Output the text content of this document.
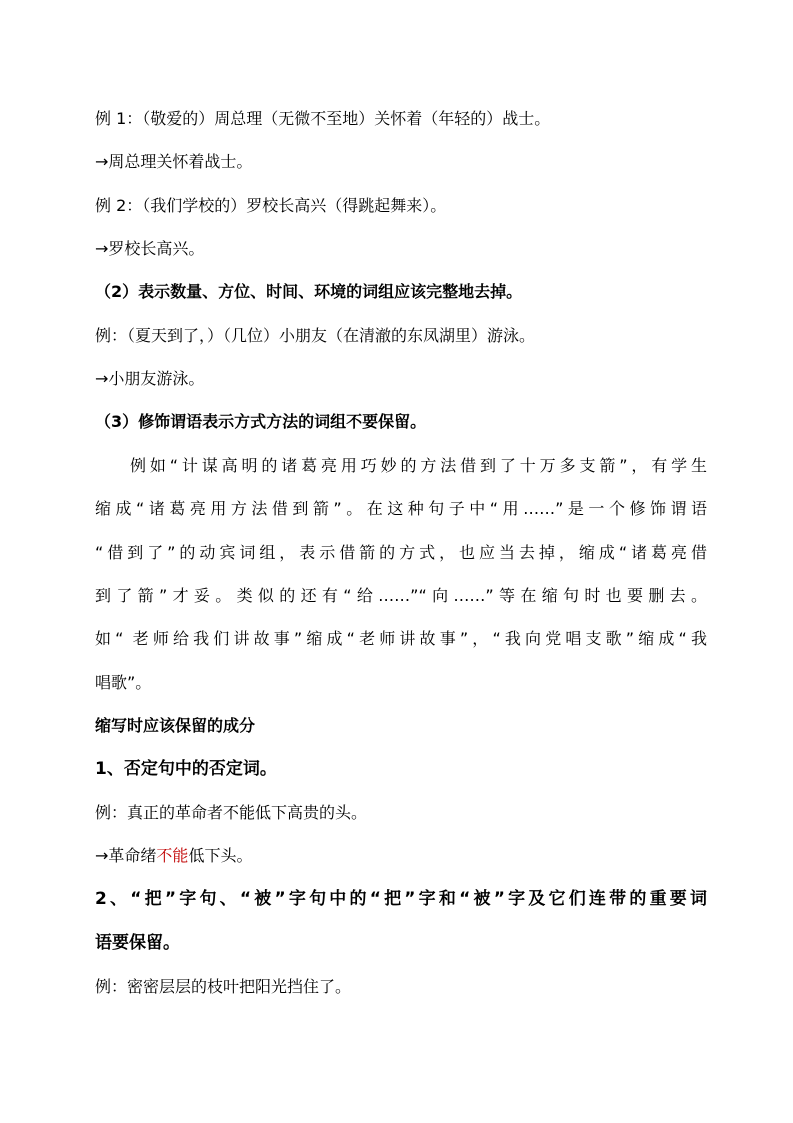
例 1：（敬爱的）周总理（无微不至地）关怀着（年轻的）战士。
→周总理关怀着战士。
例 2：（我们学校的）罗校长高兴（得跳起舞来）。
→罗校长高兴。
（2）表示数量、方位、时间、环境的词组应该完整地去掉。
例：（夏天到了，）（几位）小朋友（在清澈的东凤湖里）游泳。
→小朋友游泳。
（3）修饰谓语表示方式方法的词组不要保留。
例如“计谋高明的诸葛亮用巧妙的方法借到了十万多支箭”，有学生
缩成“诸葛亮用方法借到箭”。在这种句子中“用……”是一个修饰谓语
“借到了”的动宾词组，表示借箭的方式，也应当去掉，缩成“诸葛亮借
到了箭”才妥。类似的还有“给……”“向……”等在缩句时也要删去。
如“ 老师给我们讲故事”缩成“老师讲故事”，“我向党唱支歌”缩成“我
唱歌”。
缩写时应该保留的成分
1、否定句中的否定词。
例：真正的革命者不能低下高贵的头。
→革命绪不能低下头。
2、“把”字句、“被”字句中的“把”字和“被”字及它们连带的重要词
语要保留。
例：密密层层的枝叶把阳光挡住了。
